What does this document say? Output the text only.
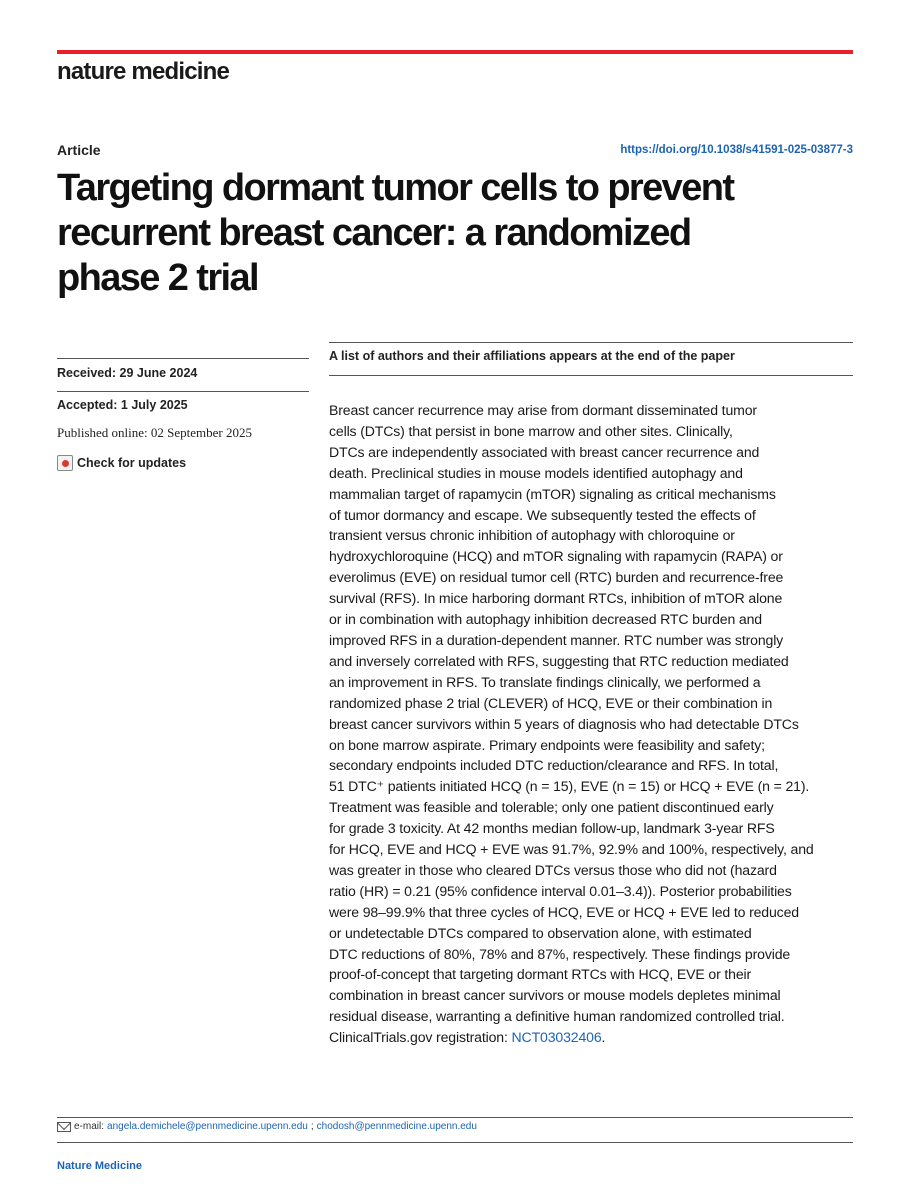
nature medicine
Article	https://doi.org/10.1038/s41591-025-03877-3
Targeting dormant tumor cells to prevent
recurrent breast cancer: a randomized
phase 2 trial
Received: 29 June 2024
Accepted: 1 July 2025
Published online: 02 September 2025
Check for updates
A list of authors and their affiliations appears at the end of the paper

Breast cancer recurrence may arise from dormant disseminated tumor
cells (DTCs) that persist in bone marrow and other sites. Clinically,
DTCs are independently associated with breast cancer recurrence and
death. Preclinical studies in mouse models identified autophagy and
mammalian target of rapamycin (mTOR) signaling as critical mechanisms
of tumor dormancy and escape. We subsequently tested the effects of
transient versus chronic inhibition of autophagy with chloroquine or
hydroxychloroquine (HCQ) and mTOR signaling with rapamycin (RAPA) or
everolimus (EVE) on residual tumor cell (RTC) burden and recurrence-free
survival (RFS). In mice harboring dormant RTCs, inhibition of mTOR alone
or in combination with autophagy inhibition decreased RTC burden and
improved RFS in a duration-dependent manner. RTC number was strongly
and inversely correlated with RFS, suggesting that RTC reduction mediated
an improvement in RFS. To translate findings clinically, we performed a
randomized phase 2 trial (CLEVER) of HCQ, EVE or their combination in
breast cancer survivors within 5 years of diagnosis who had detectable DTCs
on bone marrow aspirate. Primary endpoints were feasibility and safety;
secondary endpoints included DTC reduction/clearance and RFS. In total,
51 DTC⁺ patients initiated HCQ (n = 15), EVE (n = 15) or HCQ + EVE (n = 21).
Treatment was feasible and tolerable; only one patient discontinued early
for grade 3 toxicity. At 42 months median follow-up, landmark 3-year RFS
for HCQ, EVE and HCQ + EVE was 91.7%, 92.9% and 100%, respectively, and
was greater in those who cleared DTCs versus those who did not (hazard
ratio (HR) = 0.21 (95% confidence interval 0.01–3.4)). Posterior probabilities
were 98–99.9% that three cycles of HCQ, EVE or HCQ + EVE led to reduced
or undetectable DTCs compared to observation alone, with estimated
DTC reductions of 80%, 78% and 87%, respectively. These findings provide
proof-of-concept that targeting dormant RTCs with HCQ, EVE or their
combination in breast cancer survivors or mouse models depletes minimal
residual disease, warranting a definitive human randomized controlled trial.
ClinicalTrials.gov registration: NCT03032406.

e-mail: angela.demichele@pennmedicine.upenn.edu ; chodosh@pennmedicine.upenn.edu
Nature Medicine
